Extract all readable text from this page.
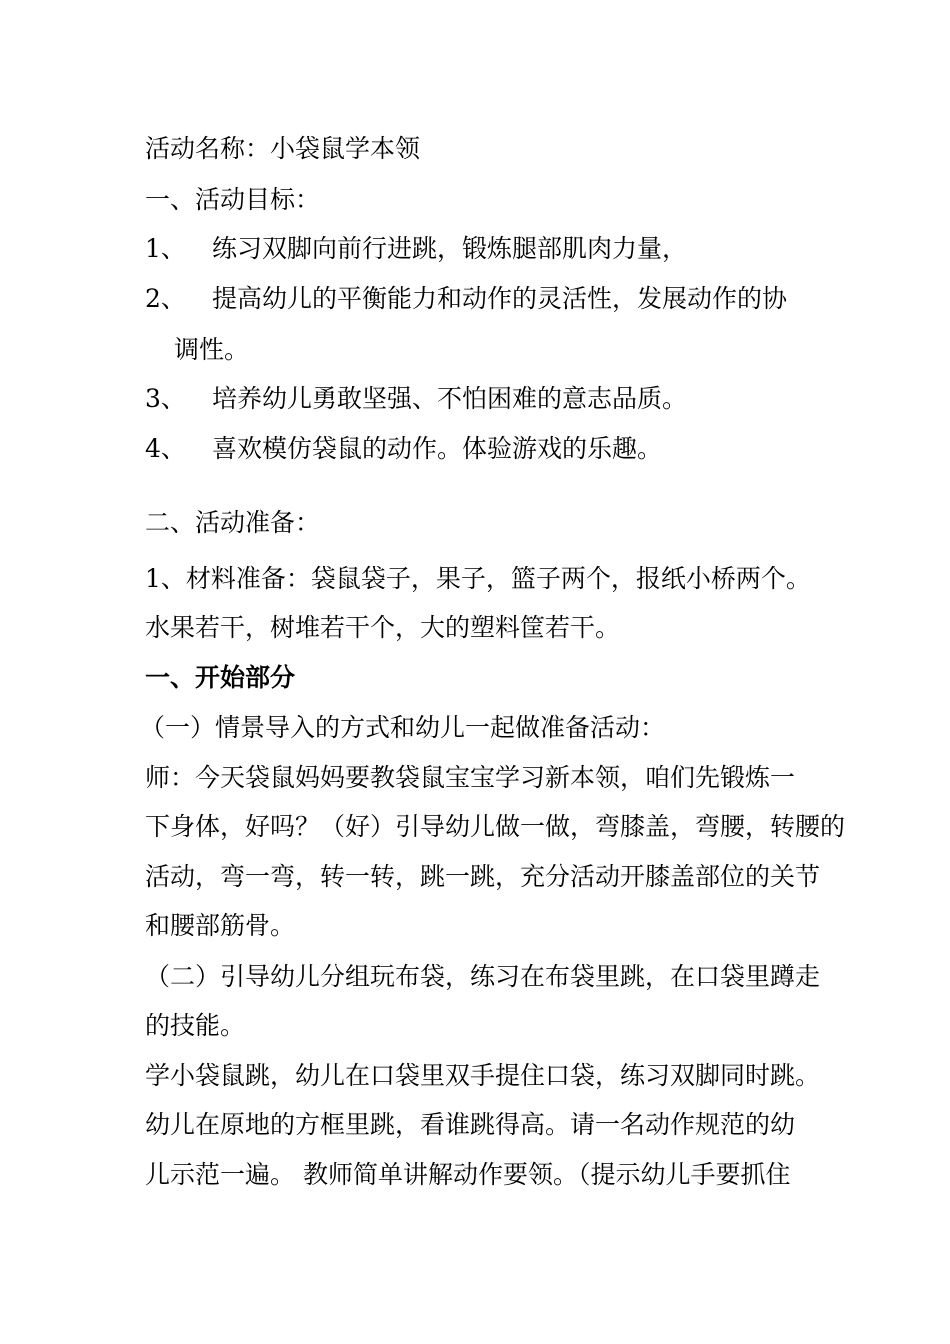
活动名称：小袋鼠学本领
一、活动目标：
1、 练习双脚向前行进跳，锻炼腿部肌肉力量，
2、 提高幼儿的平衡能力和动作的灵活性，发展动作的协
调性。
3、 培养幼儿勇敢坚强、不怕困难的意志品质。
4、 喜欢模仿袋鼠的动作。体验游戏的乐趣。
二、活动准备：
1、材料准备：袋鼠袋子，果子，篮子两个，报纸小桥两个。
水果若干，树堆若干个，大的塑料筐若干。
一、开始部分
（一）情景导入的方式和幼儿一起做准备活动：
师：今天袋鼠妈妈要教袋鼠宝宝学习新本领，咱们先锻炼一
下身体，好吗？（好）引导幼儿做一做，弯膝盖，弯腰，转腰的
活动，弯一弯，转一转，跳一跳，充分活动开膝盖部位的关节
和腰部筋骨。
（二）引导幼儿分组玩布袋，练习在布袋里跳，在口袋里蹲走
的技能。
学小袋鼠跳，幼儿在口袋里双手提住口袋，练习双脚同时跳。
幼儿在原地的方框里跳，看谁跳得高。请一名动作规范的幼
儿示范一遍。 教师简单讲解动作要领。（提示幼儿手要抓住
